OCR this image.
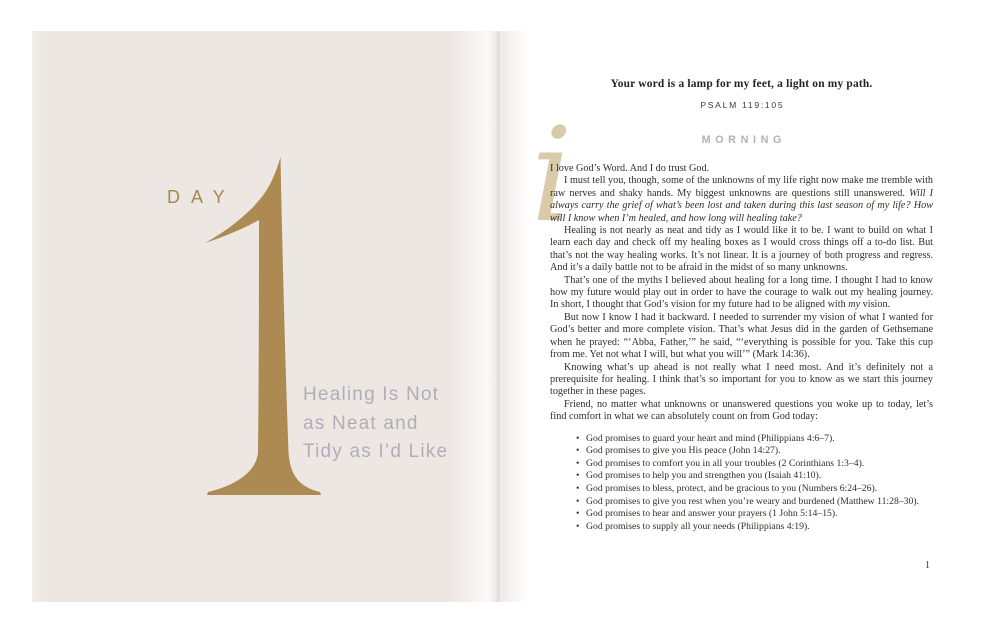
DAY
Healing Is Not
as Neat and
Tidy as I’d Like
Your word is a lamp for my feet, a light on my path.
PSALM 119:105
MORNING
i

I love God’s Word. And I do trust God.

I must tell you, though, some of the unknowns of my life right now make me tremble with raw nerves and shaky hands. My biggest unknowns are questions still unanswered. Will I always carry the grief of what’s been lost and taken during this last season of my life? How will I know when I’m healed, and how long will healing take?

Healing is not nearly as neat and tidy as I would like it to be. I want to build on what I learn each day and check off my healing boxes as I would cross things off a to-do list. But that’s not the way healing works. It’s not linear. It is a journey of both progress and regress. And it’s a daily battle not to be afraid in the midst of so many unknowns.

That’s one of the myths I believed about healing for a long time. I thought I had to know how my future would play out in order to have the courage to walk out my healing journey. In short, I thought that God’s vision for my future had to be aligned with my vision.

But now I know I had it backward. I needed to surrender my vision of what I wanted for God’s better and more complete vision. That’s what Jesus did in the garden of Gethsemane when he prayed: “‘Abba, Father,’” he said, “‘everything is possible for you. Take this cup from me. Yet not what I will, but what you will’” (Mark 14:36).

Knowing what’s up ahead is not really what I need most. And it’s definitely not a prerequisite for healing. I think that’s so important for you to know as we start this journey together in these pages.

Friend, no matter what unknowns or unanswered questions you woke up to today, let’s find comfort in what we can absolutely count on from God today:

• God promises to guard your heart and mind (Philippians 4:6–7).
• God promises to give you His peace (John 14:27).
• God promises to comfort you in all your troubles (2 Corinthians 1:3–4).
• God promises to help you and strengthen you (Isaiah 41:10).
• God promises to bless, protect, and be gracious to you (Numbers 6:24–26).
• God promises to give you rest when you’re weary and burdened (Matthew 11:28–30).
• God promises to hear and answer your prayers (1 John 5:14–15).
• God promises to supply all your needs (Philippians 4:19).
1
